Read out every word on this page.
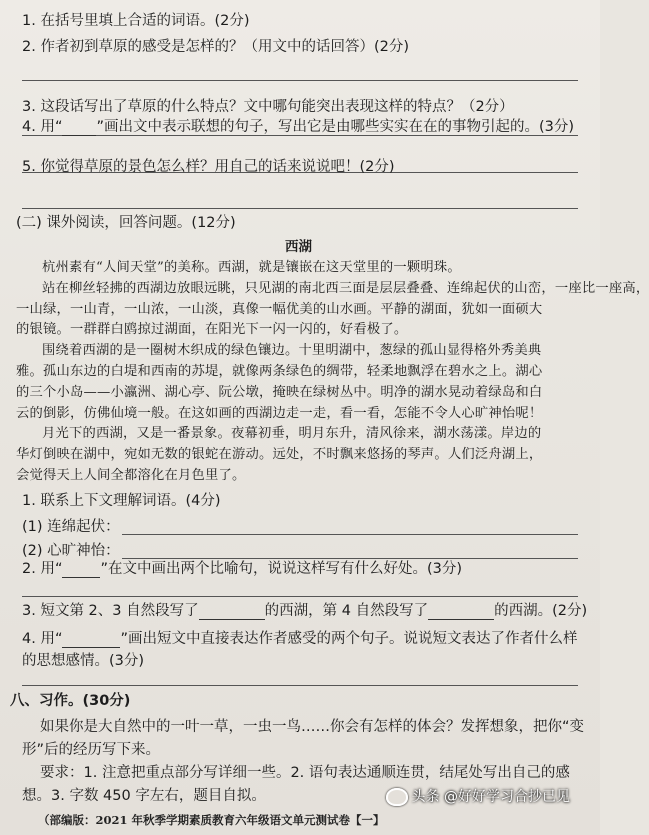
1. 在括号里填上合适的词语。(2分)
2. 作者初到草原的感受是怎样的？（用文中的话回答）(2分)
3. 这段话写出了草原的什么特点？文中哪句能突出表现这样的特点？（2分）
4. 用“ ”画出文中表示联想的句子，写出它是由哪些实实在在的事物引起的。(3分)
5. 你觉得草原的景色怎么样？用自己的话来说说吧！(2分)
(二) 课外阅读，回答问题。(12分)
西湖

杭州素有“人间天堂”的美称。西湖，就是镶嵌在这天堂里的一颗明珠。

站在柳丝轻拂的西湖边放眼远眺，只见湖的南北西三面是层层叠叠、连绵起伏的山峦，一座比一座高，

一山绿，一山青，一山浓，一山淡，真像一幅优美的山水画。平静的湖面，犹如一面硕大

的银镜。一群群白鸥掠过湖面，在阳光下一闪一闪的，好看极了。

围绕着西湖的是一圈树木织成的绿色镶边。十里明湖中，葱绿的孤山显得格外秀美典

雅。孤山东边的白堤和西南的苏堤，就像两条绿色的绸带，轻柔地飘浮在碧水之上。湖心

的三个小岛——小瀛洲、湖心亭、阮公墩，掩映在绿树丛中。明净的湖水晃动着绿岛和白

云的倒影，仿佛仙境一般。在这如画的西湖边走一走，看一看，怎能不令人心旷神怡呢！

月光下的西湖，又是一番景象。夜幕初垂，明月东升，清风徐来，湖水荡漾。岸边的

华灯倒映在湖中，宛如无数的银蛇在游动。远处，不时飘来悠扬的琴声。人们泛舟湖上，

会觉得天上人间全都溶化在月色里了。

1. 联系上下文理解词语。(4分)
(1) 连绵起伏：
(2) 心旷神怡：
2. 用“	”在文中画出两个比喻句，说说这样写有什么好处。(3分)
3. 短文第 2、3 自然段写了	的西湖，第 4 自然段写了	的西湖。(2分)
4. 用“	”画出短文中直接表达作者感受的两个句子。说说短文表达了作者什么样
的思想感情。(3分)
八、习作。(30分)
如果你是大自然中的一叶一草，一虫一鸟……你会有怎样的体会？发挥想象，把你“变
形”后的经历写下来。
要求：1. 注意把重点部分写详细一些。2. 语句表达通顺连贯，结尾处写出自己的感
想。3. 字数 450 字左右，题目自拟。
（部编版：2021 年秋季学期素质教育六年级语文单元测试卷【一】
头条 @好好学习合抄已见
